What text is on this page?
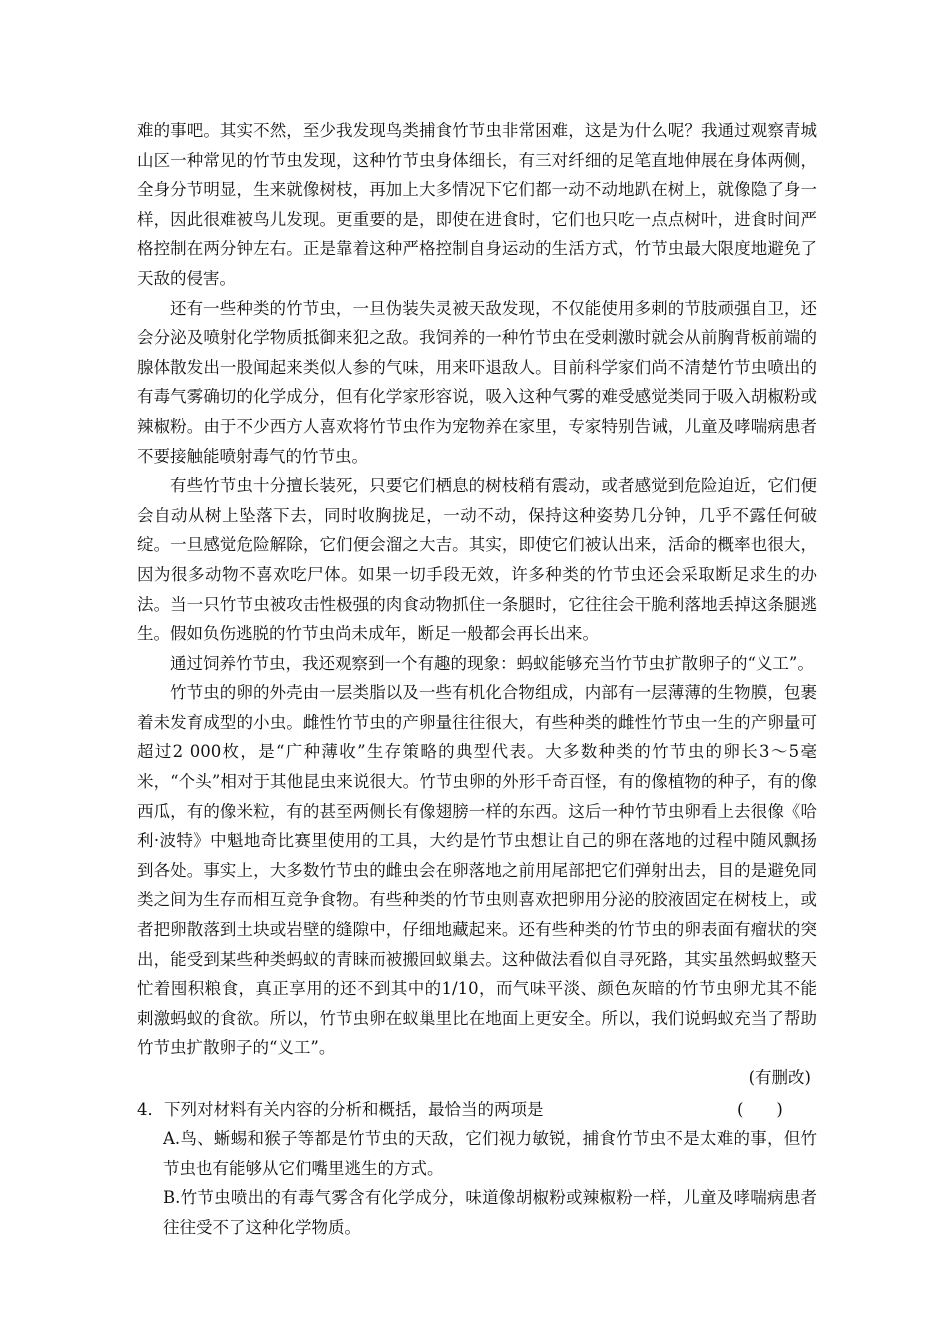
难的事吧。其实不然，至少我发现鸟类捕食竹节虫非常困难，这是为什么呢？我通过观察青城山区一种常见的竹节虫发现，这种竹节虫身体细长，有三对纤细的足笔直地伸展在身体两侧，全身分节明显，生来就像树枝，再加上大多情况下它们都一动不动地趴在树上，就像隐了身一样，因此很难被鸟儿发现。更重要的是，即使在进食时，它们也只吃一点点树叶，进食时间严格控制在两分钟左右。正是靠着这种严格控制自身运动的生活方式，竹节虫最大限度地避免了天敌的侵害。

还有一些种类的竹节虫，一旦伪装失灵被天敌发现，不仅能使用多刺的节肢顽强自卫，还会分泌及喷射化学物质抵御来犯之敌。我饲养的一种竹节虫在受刺激时就会从前胸背板前端的腺体散发出一股闻起来类似人参的气味，用来吓退敌人。目前科学家们尚不清楚竹节虫喷出的有毒气雾确切的化学成分，但有化学家形容说，吸入这种气雾的难受感觉类同于吸入胡椒粉或辣椒粉。由于不少西方人喜欢将竹节虫作为宠物养在家里，专家特别告诫，儿童及哮喘病患者不要接触能喷射毒气的竹节虫。

有些竹节虫十分擅长装死，只要它们栖息的树枝稍有震动，或者感觉到危险迫近，它们便会自动从树上坠落下去，同时收胸拢足，一动不动，保持这种姿势几分钟，几乎不露任何破绽。一旦感觉危险解除，它们便会溜之大吉。其实，即使它们被认出来，活命的概率也很大，因为很多动物不喜欢吃尸体。如果一切手段无效，许多种类的竹节虫还会采取断足求生的办法。当一只竹节虫被攻击性极强的肉食动物抓住一条腿时，它往往会干脆利落地丢掉这条腿逃生。假如负伤逃脱的竹节虫尚未成年，断足一般都会再长出来。

通过饲养竹节虫，我还观察到一个有趣的现象：蚂蚁能够充当竹节虫扩散卵子的“义工”。

竹节虫的卵的外壳由一层类脂以及一些有机化合物组成，内部有一层薄薄的生物膜，包裹着未发育成型的小虫。雌性竹节虫的产卵量往往很大，有些种类的雌性竹节虫一生的产卵量可超过2 000枚，是“广种薄收”生存策略的典型代表。大多数种类的竹节虫的卵长3～5毫米，“个头”相对于其他昆虫来说很大。竹节虫卵的外形千奇百怪，有的像植物的种子，有的像西瓜，有的像米粒，有的甚至两侧长有像翅膀一样的东西。这后一种竹节虫卵看上去很像《哈利·波特》中魁地奇比赛里使用的工具，大约是竹节虫想让自己的卵在落地的过程中随风飘扬到各处。事实上，大多数竹节虫的雌虫会在卵落地之前用尾部把它们弹射出去，目的是避免同类之间为生存而相互竞争食物。有些种类的竹节虫则喜欢把卵用分泌的胶液固定在树枝上，或者把卵散落到土块或岩壁的缝隙中，仔细地藏起来。还有些种类的竹节虫的卵表面有瘤状的突出，能受到某些种类蚂蚁的青睐而被搬回蚁巢去。这种做法看似自寻死路，其实虽然蚂蚁整天忙着囤积粮食，真正享用的还不到其中的1/10，而气味平淡、颜色灰暗的竹节虫卵尤其不能刺激蚂蚁的食欲。所以，竹节虫卵在蚁巢里比在地面上更安全。所以，我们说蚂蚁充当了帮助竹节虫扩散卵子的“义工”。

(有删改)

4．下列对材料有关内容的分析和概括，最恰当的两项是	(　　)

A.鸟、蜥蜴和猴子等都是竹节虫的天敌，它们视力敏锐，捕食竹节虫不是太难的事，但竹节虫也有能够从它们嘴里逃生的方式。

B.竹节虫喷出的有毒气雾含有化学成分，味道像胡椒粉或辣椒粉一样，儿童及哮喘病患者往往受不了这种化学物质。
